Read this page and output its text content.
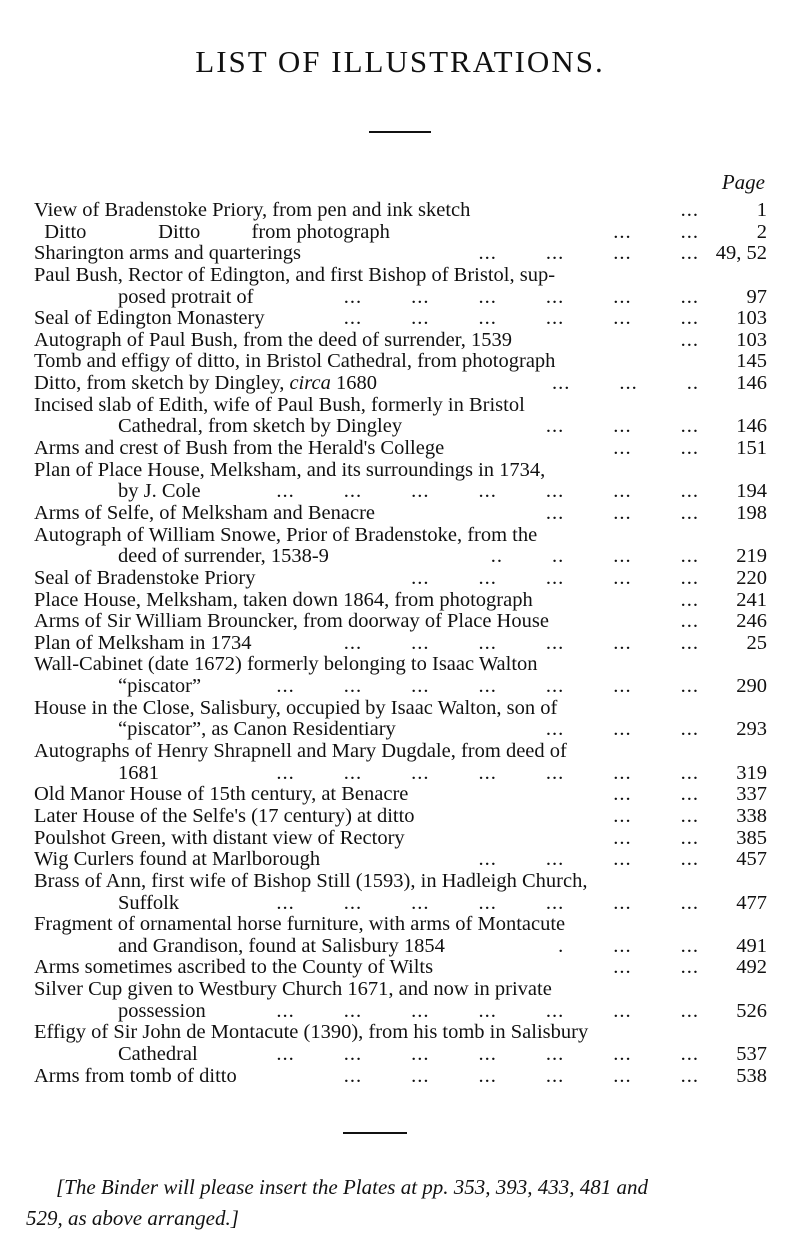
LIST OF ILLUSTRATIONS.
Page
View of Bradenstoke Priory, from pen and ink sketch	...	1
Ditto              Ditto          from photograph	...        ...	2
Sharington arms and quarterings	...        ...        ...        ... 49, 52
Paul Bush, Rector of Edington, and first Bishop of Bristol, sup-
posed protrait of	...        ...        ...        ...        ...        ...	97
Seal of Edington Monastery	...        ...        ...        ...        ...        ...	103
Autograph of Paul Bush, from the deed of surrender, 1539	...	103
Tomb and effigy of ditto, in Bristol Cathedral, from photograph	145
Ditto, from sketch by Dingley, circa 1680	...        ...        ..	146
Incised slab of Edith, wife of Paul Bush, formerly in Bristol
Cathedral, from sketch by Dingley	...        ...        ...	146
Arms and crest of Bush from the Herald's College	...        ...	151
Plan of Place House, Melksham, and its surroundings in 1734,
by J. Cole	...        ...        ...        ...        ...        ...        ...	194
Arms of Selfe, of Melksham and Benacre	...        ...        ...	198
Autograph of William Snowe, Prior of Bradenstoke, from the
deed of surrender, 1538-9	..        ..        ...        ...	219
Seal of Bradenstoke Priory	...        ...        ...        ...        ...	220
Place House, Melksham, taken down 1864, from photograph	...	241
Arms of Sir William Brouncker, from doorway of Place House	...	246
Plan of Melksham in 1734	...        ...        ...        ...        ...        ...	25
Wall-Cabinet (date 1672) formerly belonging to Isaac Walton
“piscator”	...        ...        ...        ...        ...        ...        ...	290
House in the Close, Salisbury, occupied by Isaac Walton, son of
“piscator”, as Canon Residentiary	...        ...        ...	293
Autographs of Henry Shrapnell and Mary Dugdale, from deed of
1681	...        ...        ...        ...        ...        ...        ...	319
Old Manor House of 15th century, at Benacre	...        ...	337
Later House of the Selfe's (17 century) at ditto	...        ...	338
Poulshot Green, with distant view of Rectory	...        ...	385
Wig Curlers found at Marlborough	...        ...        ...        ...	457
Brass of Ann, first wife of Bishop Still (1593), in Hadleigh Church,
Suffolk	...        ...        ...        ...        ...        ...        ...	477
Fragment of ornamental horse furniture, with arms of Montacute
and Grandison, found at Salisbury 1854	.        ...        ...	491
Arms sometimes ascribed to the County of Wilts	...        ...	492
Silver Cup given to Westbury Church 1671, and now in private
possession	...        ...        ...        ...        ...        ...        ...	526
Effigy of Sir John de Montacute (1390), from his tomb in Salisbury
Cathedral	...        ...        ...        ...        ...        ...        ...	537
Arms from tomb of ditto	...        ...        ...        ...        ...        ...	538
[The Binder will please insert the Plates at pp. 353, 393, 433, 481 and
529, as above arranged.]
